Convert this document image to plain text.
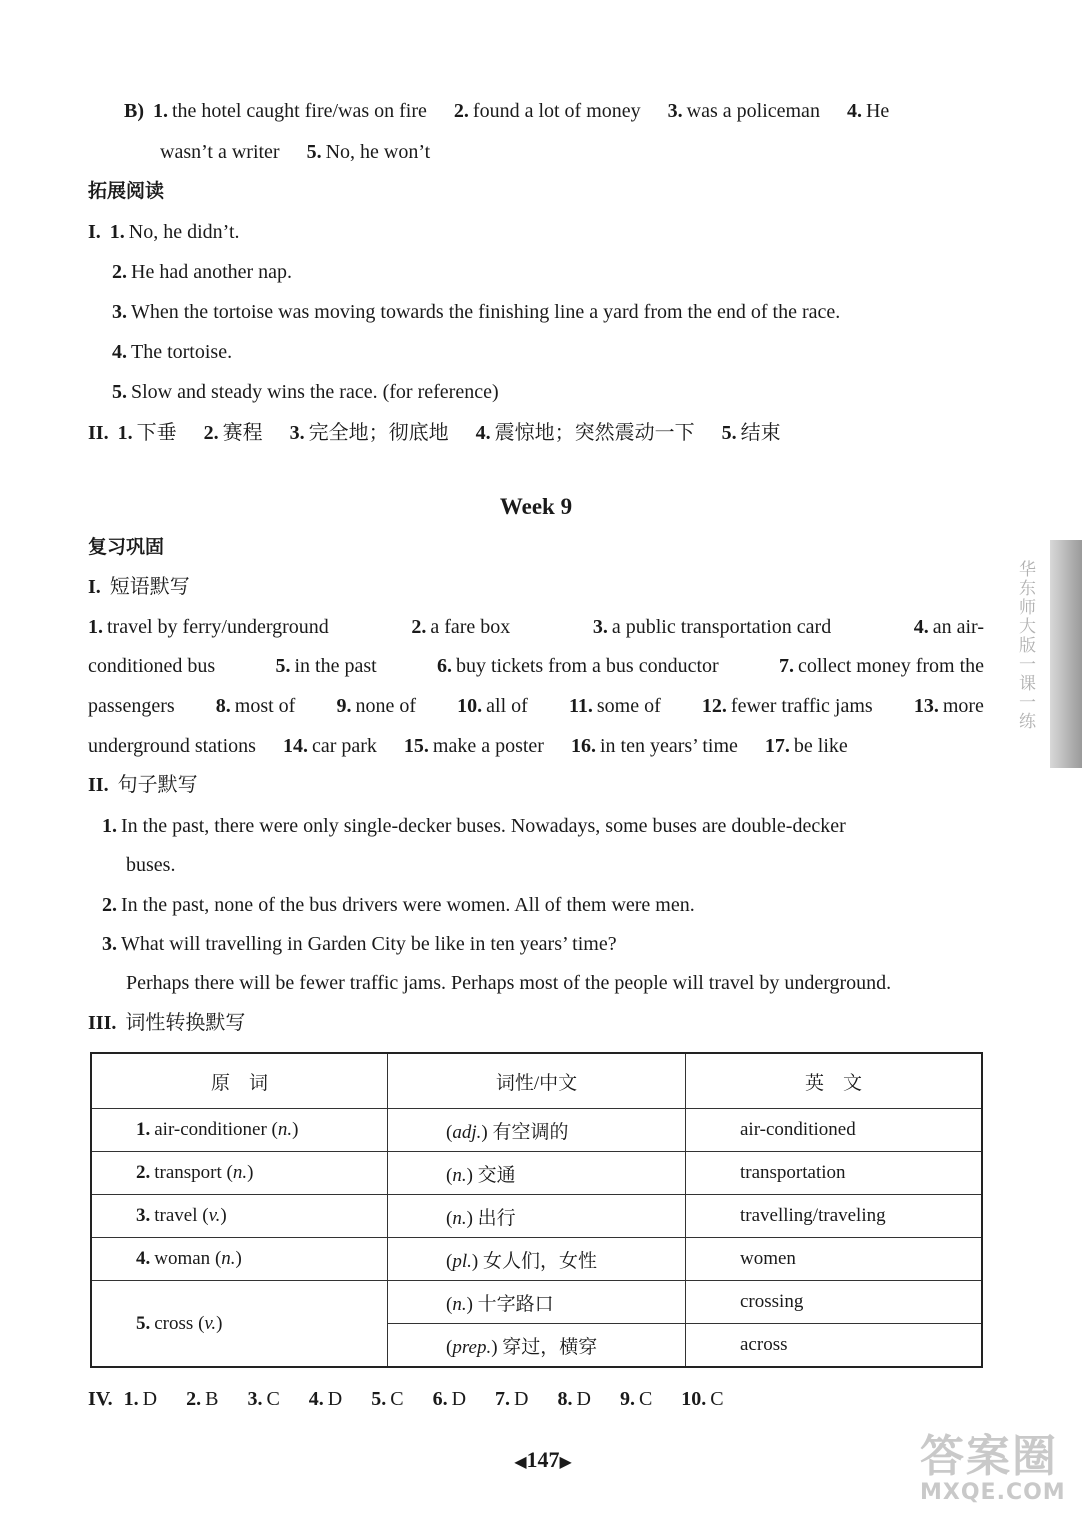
B) 1. the hotel caught fire/was on fire 2. found a lot of money 3. was a policeman 4. He
wasn’t a writer 5. No, he won’t
拓展阅读
I. 1. No, he didn’t.
2. He had another nap.
3. When the tortoise was moving towards the finishing line a yard from the end of the race.
4. The tortoise.
5. Slow and steady wins the race. (for reference)
II. 1. 下垂 2. 赛程 3. 完全地；彻底地 4. 震惊地；突然震动一下 5. 结束
Week 9
复习巩固
I. 短语默写
1. travel by ferry/underground	2. a fare box	3. a public transportation card	4. an air-
conditioned bus	5. in the past	6. buy tickets from a bus conductor	7. collect money from the
passengers 8. most of 9. none of 10. all of 11. some of 12. fewer traffic jams 13. more
underground stations 14. car park 15. make a poster 16. in ten years’ time 17. be like
II. 句子默写
1. In the past, there were only single-decker buses. Nowadays, some buses are double-decker
buses.
2. In the past, none of the bus drivers were women. All of them were men.
3. What will travelling in Garden City be like in ten years’ time?
Perhaps there will be fewer traffic jams. Perhaps most of the people will travel by underground.
III. 词性转换默写
原　词	词性/中文	英　文
1. air-conditioner (n.)	(adj.) 有空调的	air-conditioned
2. transport (n.)	(n.) 交通	transportation
3. travel (v.)	(n.) 出行	travelling/traveling
4. woman (n.)	(pl.) 女人们，女性	women
5. cross (v.)	(n.) 十字路口	crossing
	(prep.) 穿过，横穿	across
IV. 1. D 2. B 3. C 4. D 5. C 6. D 7. D 8. D 9. C 10. C
◀147▶
华东师大版一课一练
答案圈
MXQE.COM
